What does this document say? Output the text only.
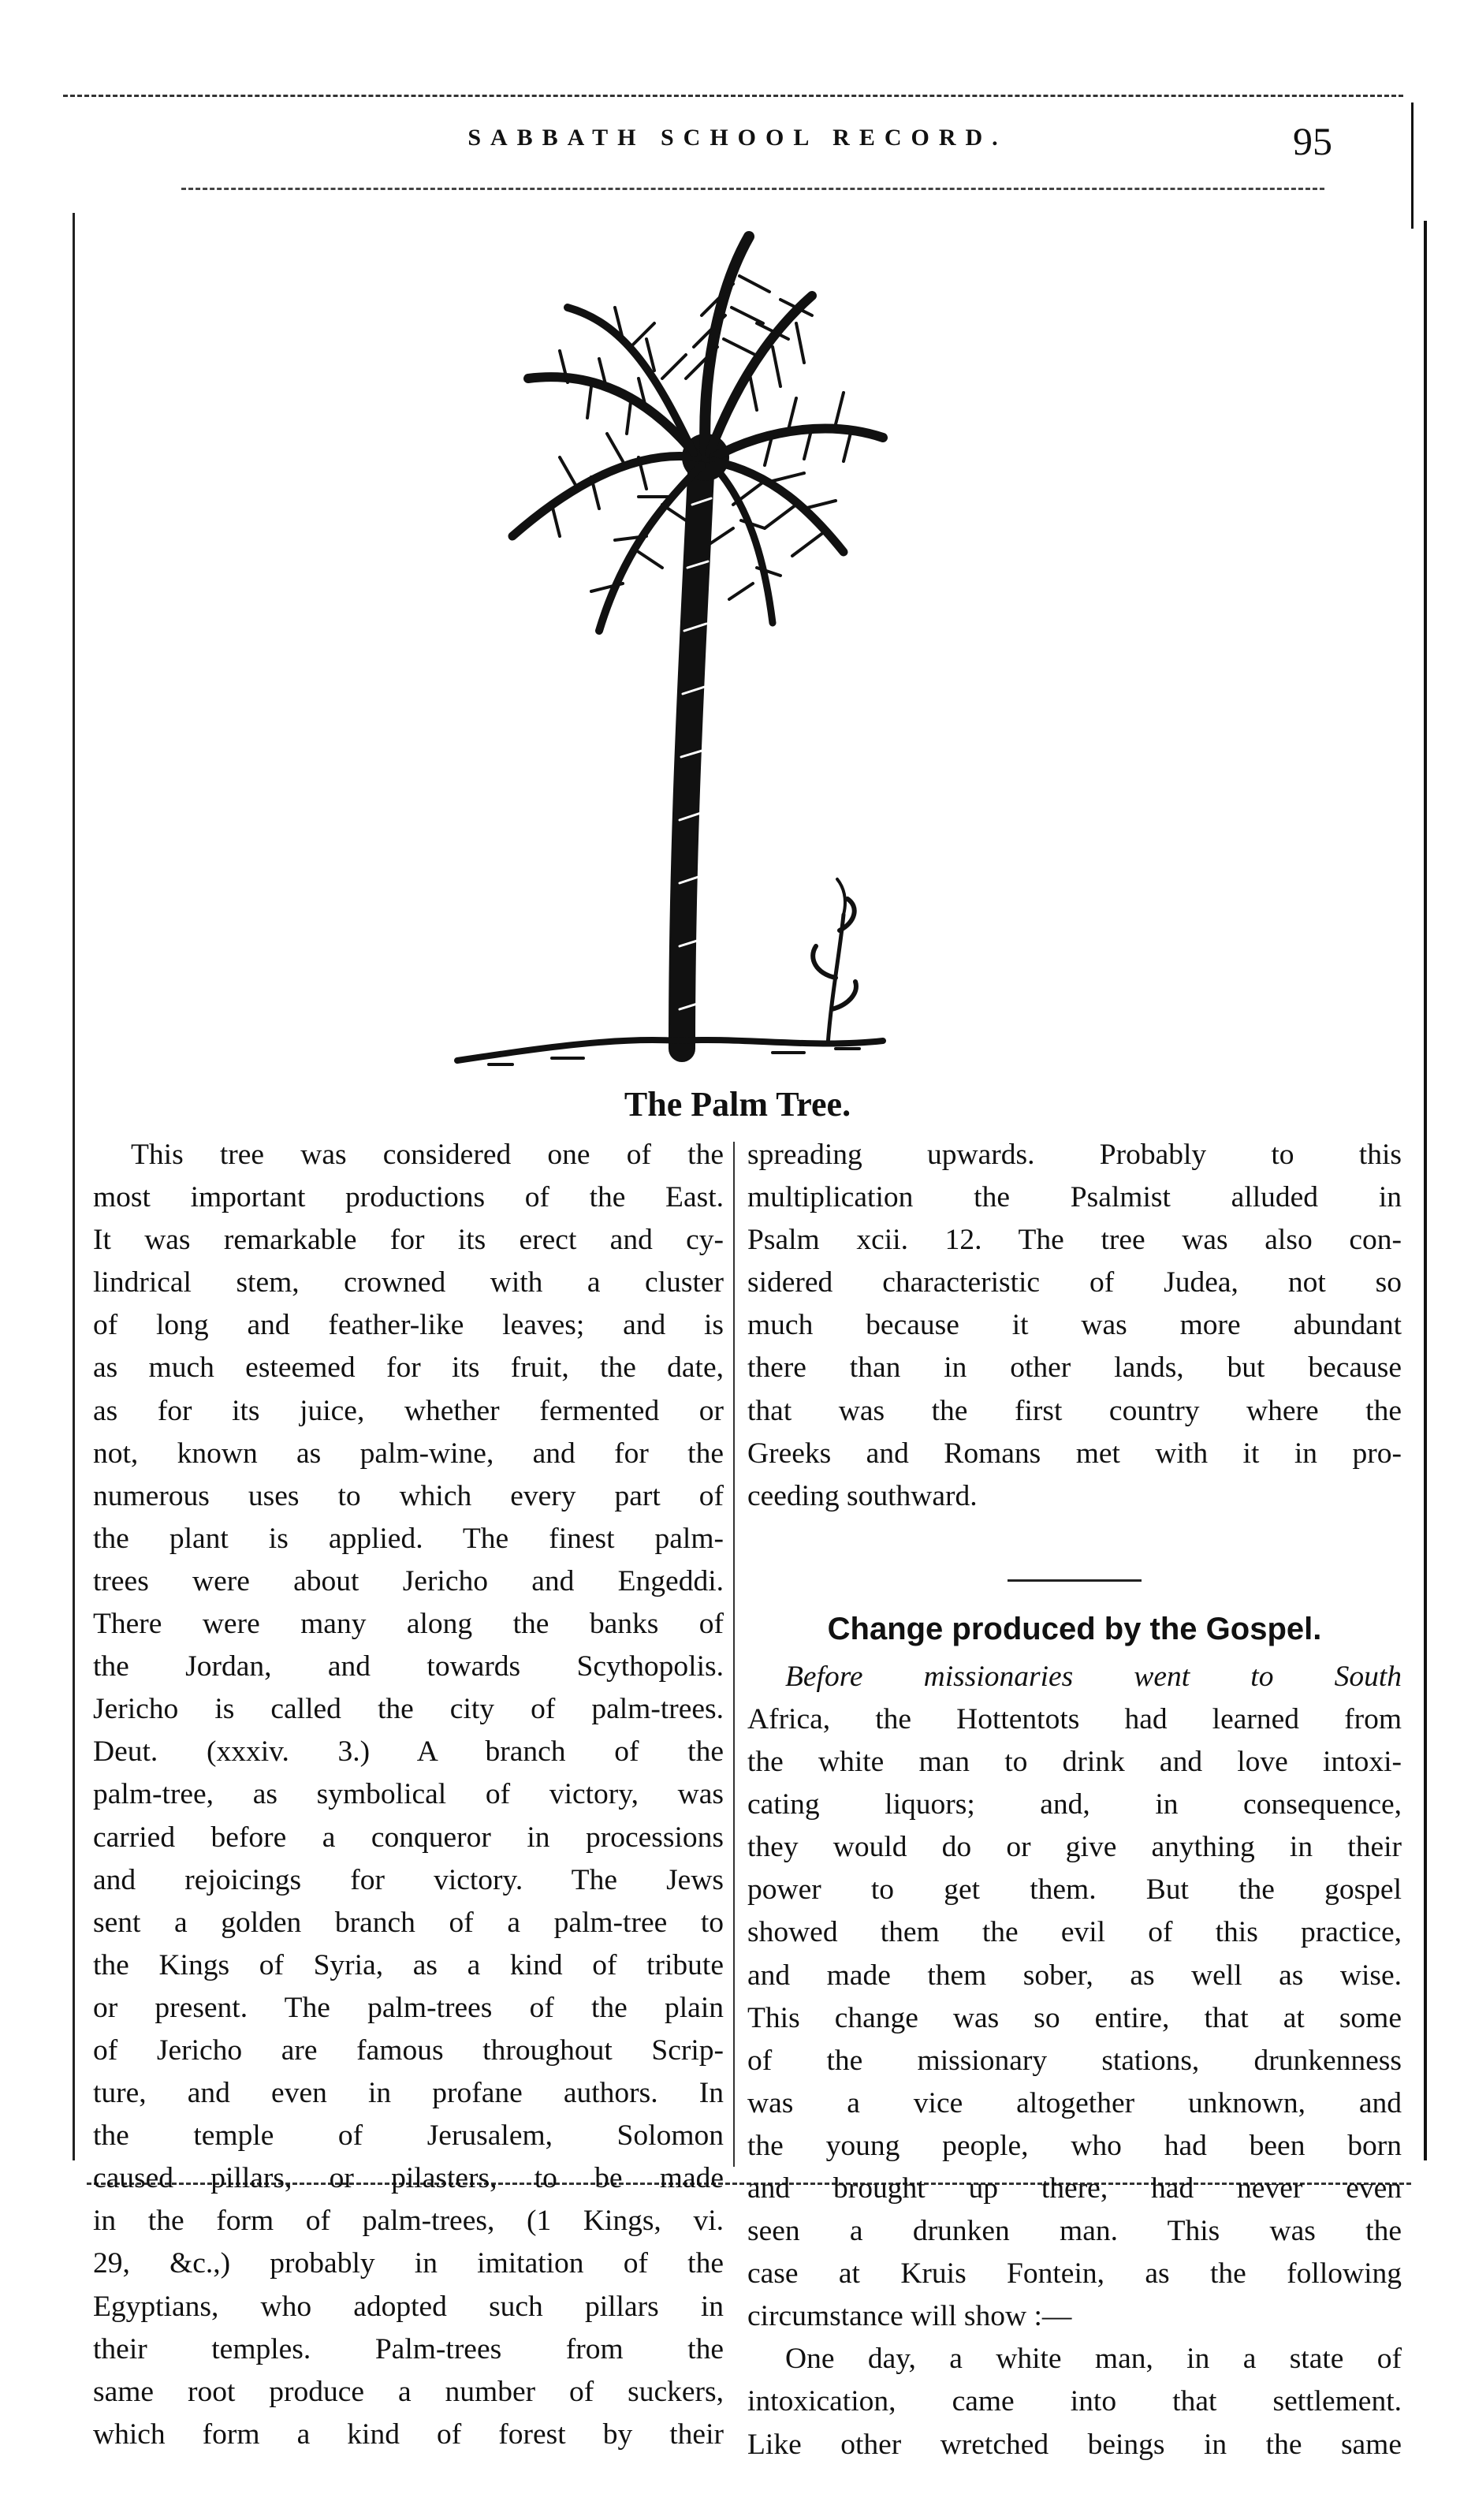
SABBATH SCHOOL RECORD.	95
The Palm Tree.
This tree was considered one of the
most important productions of the East.
It was remarkable for its erect and cy-
lindrical stem, crowned with a cluster
of long and feather-like leaves; and is
as much esteemed for its fruit, the date,
as for its juice, whether fermented or
not, known as palm-wine, and for the
numerous uses to which every part of
the plant is applied. The finest palm-
trees were about Jericho and Engeddi.
There were many along the banks of
the Jordan, and towards Scythopolis.
Jericho is called the city of palm-trees.
Deut. (xxxiv. 3.) A branch of the
palm-tree, as symbolical of victory, was
carried before a conqueror in processions
and rejoicings for victory. The Jews
sent a golden branch of a palm-tree to
the Kings of Syria, as a kind of tribute
or present. The palm-trees of the plain
of Jericho are famous throughout Scrip-
ture, and even in profane authors. In
the temple of Jerusalem, Solomon
caused pillars, or pilasters, to be made
in the form of palm-trees, (1 Kings, vi.
29, &c.,) probably in imitation of the
Egyptians, who adopted such pillars in
their temples. Palm-trees from the
same root produce a number of suckers,
which form a kind of forest by their
spreading upwards. Probably to this
multiplication the Psalmist alluded in
Psalm xcii. 12. The tree was also con-
sidered characteristic of Judea, not so
much because it was more abundant
there than in other lands, but because
that was the first country where the
Greeks and Romans met with it in pro-
ceeding southward.
Change produced by the Gospel.
Before missionaries went to South
Africa, the Hottentots had learned from
the white man to drink and love intoxi-
cating liquors; and, in consequence,
they would do or give anything in their
power to get them. But the gospel
showed them the evil of this practice,
and made them sober, as well as wise.
This change was so entire, that at some
of the missionary stations, drunkenness
was a vice altogether unknown, and
the young people, who had been born
and brought up there, had never even
seen a drunken man. This was the
case at Kruis Fontein, as the following
circumstance will show :—
One day, a white man, in a state of
intoxication, came into that settlement.
Like other wretched beings in the same
